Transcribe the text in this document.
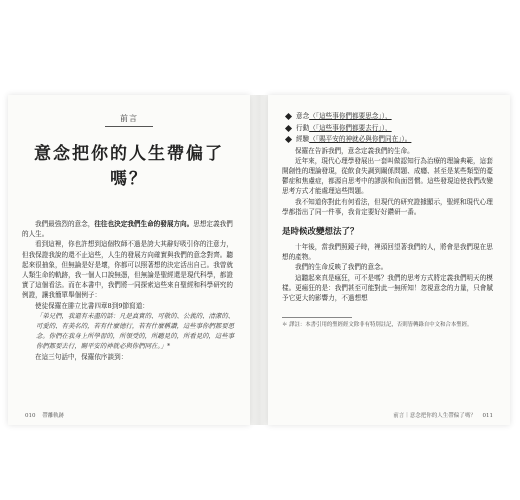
前言
意念把你的人生帶偏了嗎？

我們最強烈的意念，往往也決定我們生命的發展方向。思想定義我們的人生。

看到這裡，你也許想到這個牧師不過是誇大其辭好吸引你的注意力，但我保證我說的還不止這些，人生的發展方向確實與我們的意念對齊。聽起來很抽象，但無論是好是壞，你都可以照著想的決定活出自己。我曾就人類生命的軌跡，我一個人口說無憑，但無論是聖經還是現代科學，都證實了這個看法。而在本書中，我們將一同探索這些來自聖經和科學研究的例證，讓我簡單舉個例子：

使徒保羅在腓立比書四章8到9節寫道：

「弟兄們，我還有未盡的話：凡是真實的、可敬的、公義的、清潔的、可愛的、有美名的，若有什麼德行，若有什麼稱讚，這些事你們都要思念。你們在我身上所學習的，所領受的，所聽見的，所看見的，這些事你們都要去行，賜平安的神就必與你們同在。」*

在這三句話中，保羅依序談到：

010 帶離軌跡
意念（「這些事你們都要思念」），
行動（「這些事你們都要去行」），
經驗（「賜平安的神就必與你們同在」）。

保羅在告訴我們，意念定義我們的生命。

近年來，現代心理學發展出一套叫做認知行為治療的理論典範，這套開創性的理論發現，從飲食失調到關係問題、成癮、甚至是某些類型的憂鬱症和焦慮症，都源自思考中的謬誤和負面習慣。這些發現迫使我們改變思考方式才能處理這些問題。

我不知道你對此有何看法，但現代的研究證據顯示，聖經和現代心理學都指出了同一件事，我肯定要好好鑽研一番。

是時候改變想法了？

十年後，當我們照鏡子時，裡頭回望著我們的人，將會是我們現在思想的產物。

我們的生命反映了我們的意念。

這聽起來真是瘋狂，可不是嗎？我們的思考方式將定義我們明天的模樣。更瘋狂的是：我們甚至可能對此一無所知！忽視意念的力量，只會賦予它更大的影響力，不過想想

＊ 譯註：本書引用的聖經經文除非有特別註記，否則皆轉錄自中文和合本聖經。
前言｜意念把你的人生帶偏了嗎？ 011
